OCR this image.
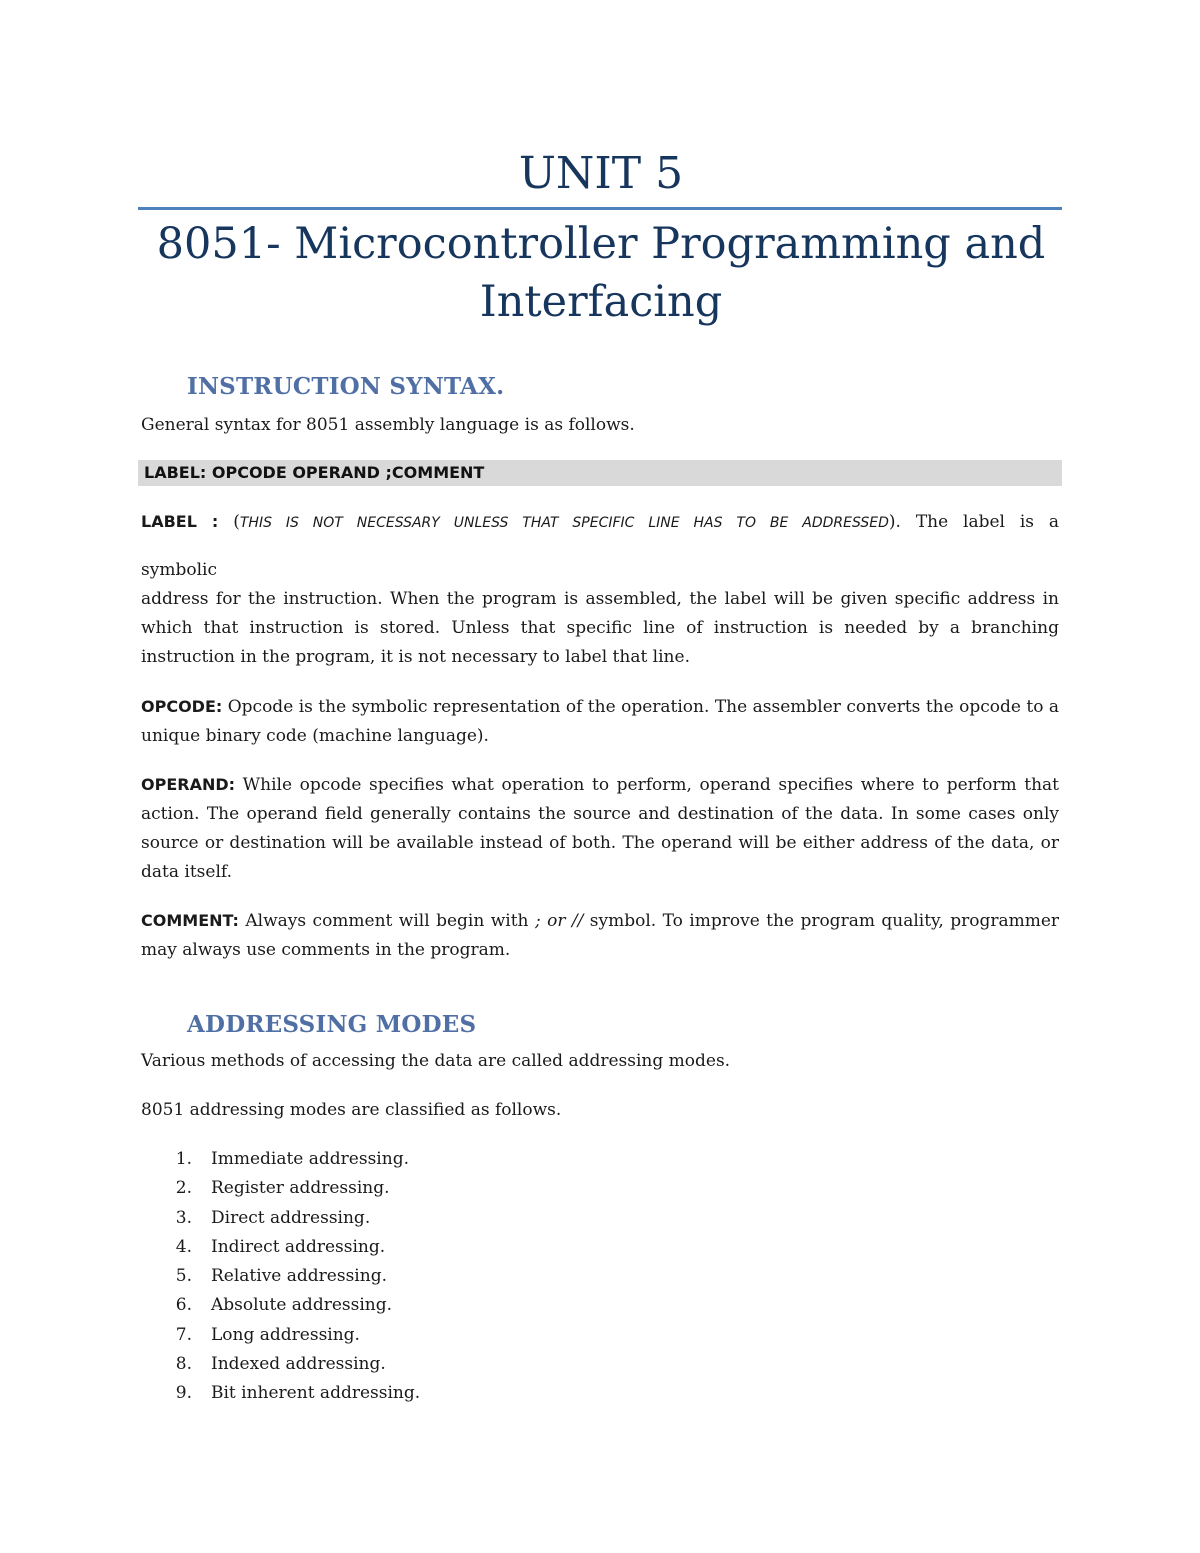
UNIT 5
8051- Microcontroller Programming and Interfacing
INSTRUCTION SYNTAX.
General syntax for 8051 assembly language is as follows.
LABEL: OPCODE OPERAND ;COMMENT
LABEL : (THIS IS NOT NECESSARY UNLESS THAT SPECIFIC LINE HAS TO BE ADDRESSED). The label is a
symbolic
address for the instruction. When the program is assembled, the label will be given specific address in which that instruction is stored. Unless that specific line of instruction is needed by a branching instruction in the program, it is not necessary to label that line.
OPCODE: Opcode is the symbolic representation of the operation. The assembler converts the opcode to a unique binary code (machine language).
OPERAND: While opcode specifies what operation to perform, operand specifies where to perform that action. The operand field generally contains the source and destination of the data. In some cases only source or destination will be available instead of both. The operand will be either address of the data, or data itself.
COMMENT: Always comment will begin with ; or // symbol. To improve the program quality, programmer may always use comments in the program.
ADDRESSING MODES
Various methods of accessing the data are called addressing modes.
8051 addressing modes are classified as follows.
1. Immediate addressing.
2. Register addressing.
3. Direct addressing.
4. Indirect addressing.
5. Relative addressing.
6. Absolute addressing.
7. Long addressing.
8. Indexed addressing.
9. Bit inherent addressing.
